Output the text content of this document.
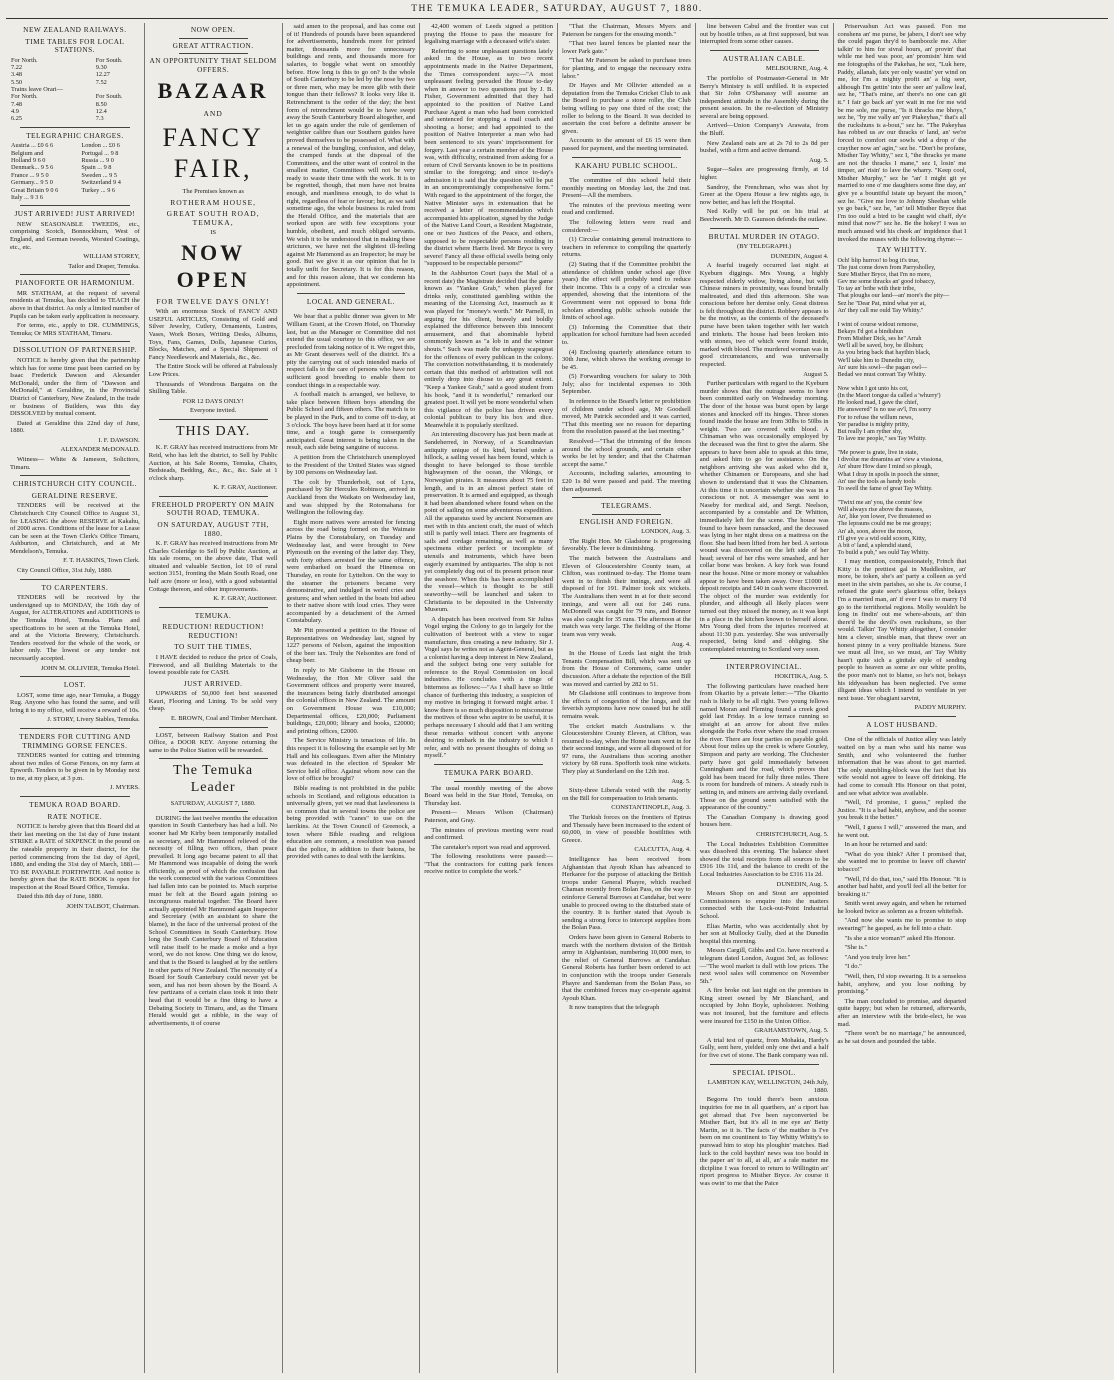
THE TEMUKA LEADER, SATURDAY, AUGUST 7, 1880.
NEW ZEALAND RAILWAYS.
TIME TABLES FOR LOCAL STATIONS.
For North.	For South.
7.22	9.30
3.48	12.27
5.50	7.52
Trains leave Orari—	
For North.	For South.
7.48	8.50
4.9	12.4
6.25	7.3
TELEGRAPHIC CHARGES.
Austria ... £0 6 6	London ... £0 6
Belgium and	Portugal ... 9 8
Holland 9 6 0	Russia ... 9 0
Denmark... 9 5 6	Spain ... 9 8
France ... 9 5 0	Sweden ... 9 5
Germany... 9 5 0	Switzerland 9 4
Great Britain 9 0 6	Turkey ... 9 6
Italy ... 9 3 6	
JUST ARRIVED! JUST ARRIVED!

NEW SEASONABLE TWEEDS, etc., comprising Scotch, Bonnockburn, West of England, and German tweeds, Worsted Coatings, etc., etc.

WILLIAM STOREY,

Tailor and Draper, Temuka.

PIANOFORTE OR HARMONIUM.

MR STATHAM, at the request of several residents at Temuka, has decided to TEACH the above in that district. As only a limited number of Pupils can be taken early application is necessary.

For terms, etc., apply to DR. CUMMINGS, Temuka; Or MRS STATHAM, Timaru.

DISSOLUTION OF PARTNERSHIP.

NOTICE is hereby given that the partnership which has for some time past been carried on by Isaac Frederick Dawson and Alexander McDonald, under the firm of "Dawson and McDonald," at Geraldine, in the Provincial District of Canterbury, New Zealand, in the trade or business of Builders, was this day DISSOLVED by mutual consent.

Dated at Geraldine this 22nd day of June, 1880.

I. F. DAWSON.

ALEXANDER McDONALD.

Witness— White & Jameson, Solicitors, Timaru.

CHRISTCHURCH CITY COUNCIL.
GERALDINE RESERVE.

TENDERS will be received at the Christchurch City Council Office to August 31, for LEASING the above RESERVE at Kakahu, of 2000 acres. Conditions of the lease for a Lease can be seen at the Town Clerk's Office Timaru, Ashburton, and Christchurch, and at Mr Mendelson's, Temuka.

F. T. HASKINS, Town Clerk.

City Council Office, 31st July, 1880.

TO CARPENTERS.

TENDERS will be received by the undersigned up to MONDAY, the 16th day of August, for ALTERATIONS and ADDITIONS to the Temuka Hotel, Temuka. Plans and specifications to be seen at the Temuka Hotel, and at the Victoria Brewery, Christchurch. Tenders received for the whole of the work, or labor only. The lowest or any tender not necessarily accepted.

JOHN M. OLLIVIER, Temuka Hotel.

LOST.

LOST, some time ago, near Temuka, a Buggy Rug. Anyone who has found the same, and will bring it to my office, will receive a reward of 10s.

J. STORY, Livery Stables, Temuka.

TENDERS FOR CUTTING AND TRIMMING GORSE FENCES.

TENDERS wanted for cutting and trimming about two miles of Gorse Fences, on my farm at Epworth. Tenders to be given in by Monday next to me, at my place, at 3 p.m.

J. MYERS.

TEMUKA ROAD BOARD.
RATE NOTICE.

NOTICE is hereby given that this Board did at their last meeting on the 1st day of June instant STRIKE a RATE of SIXPENCE in the pound on the rateable property in their district, for the period commencing from the 1st day of April, 1880, and ending the 31st day of March, 1881—TO BE PAYABLE FORTHWITH. And notice is hereby given that the RATE BOOK is open for inspection at the Road Board Office, Temuka.

Dated this 8th day of June, 1880.

JOHN TALBOT, Chairman.

NOW OPEN.
GREAT ATTRACTION.
AN OPPORTUNITY THAT SELDOM OFFERS.
BAZAAR
AND
FANCY FAIR,
The Premises known as
ROTHERAM HOUSE,
GREAT SOUTH ROAD, TEMUKA,
IS
NOW OPEN
FOR TWELVE DAYS ONLY!

With an enormous Stock of FANCY AND USEFUL ARTICLES, Consisting of Gold and Silver Jewelry, Cutlery, Ornaments, Lustres, Vases, Work Boxes, Writing Desks, Albums, Toys, Fans, Games, Dolls, Japanese Curios, Blocks, Matches, and a Special Shipment of Fancy Needlework and Materials, &c., &c.

The Entire Stock will be offered at Fabulously Low Prices.

Thousands of Wondrous Bargains on the Shilling Table.

FOR 12 DAYS ONLY!

Everyone invited.

THIS DAY.

K. F. GRAY has received instructions from Mr Reid, who has left the district, to Sell by Public Auction, at his Sale Rooms, Temuka, Chairs, Bedsteads, Bedding, &c., &c., &c. Sale at 1 o'clock sharp.

K. F. GRAY, Auctioneer.

FREEHOLD PROPERTY ON MAIN SOUTH ROAD, TEMUKA.
ON SATURDAY, AUGUST 7TH, 1880.

K. F. GRAY has received instructions from Mr Charles Coleridge to Sell by Public Auction, at his sale rooms, on the above date, That well situated and valuable Section, lot 10 of rural section 3151, fronting the Main South Road, one half acre (more or less), with a good substantial Cottage thereon, and other improvements.

K. F. GRAY, Auctioneer.

TEMUKA.
REDUCTION! REDUCTION! REDUCTION!
TO SUIT THE TIMES,

I HAVE decided to reduce the price of Coals, Firewood, and all Building Materials to the lowest possible rate for CASH.

JUST ARRIVED.

UPWARDS of 50,000 feet best seasoned Kauri, Flooring and Lining. To be sold very cheap.

E. BROWN, Coal and Timber Merchant.

LOST, between Railway Station and Post Office, a DOOR KEY. Anyone returning the same to the Police Station will be rewarded.

The Temuka Leader

SATURDAY, AUGUST 7, 1880.

DURING the last twelve months the education question in South Canterbury has had a lull. No sooner had Mr Kirby been temporarily installed as secretary, and Mr Hammond relieved of the necessity of filling two offices, than peace prevailed. It long ago became patent to all that Mr Hammond was incapable of doing the work efficiently, as proof of which the confusion that the work connected with the various Committees had fallen into can be pointed to. Much surprise must be felt at the Board again joining so incongruous material together. The Board have actually appointed Mr Hammond again Inspector and Secretary (with an assistant to share the blame), in the face of the universal protest of the School Committees in South Canterbury. How long the South Canterbury Board of Education will raise itself to be made a moke and a bye word, we do not know. One thing we do know, and that is the Board is laughed at by the settlers in other parts of New Zealand. The necessity of a Board for South Canterbury could never yet be seen, and has not been shown by the Board. A few partizans of a certain class took it into their head that it would be a fine thing to have a Debating Society in Timaru, and, as the Timaru Herald would get a nibble, in the way of advertisements, it of course

said amen to the proposal, and has come out of it! Hundreds of pounds have been squandered for advertisements, hundreds more for printed matter, thousands more for unnecessary buildings and rents, and thousands more for salaries, to boggle what went on smoothly before. How long is this to go on? Is the whole of South Canterbury to be led by the nose by two or three men, who may be more glib with their tongue than their fellows? It looks very like it. Retrenchment is the order of the day; the best form of retrenchment would be to have swept away the South Canterbury Board altogether, and let us go again under the rule of gentlemen of weightier calibre than our Southern guides have proved themselves to be possessed of. What with a renewal of the bungling, confusion, and delay, the cramped funds at the disposal of the Committees, and the utter want of control in the smallest matter, Committees will not be very ready to waste their time with the work. It is to be regretted, though, that men have not brains enough, and manliness enough, to do what is right, regardless of fear or favour; but, as we said sometime ago, the whole business is ruled from the Herald Office, and the materials that are worked upon are with few exceptions your humble, obedient, and much obliged servants. We wish it to be understood that in making these strictures, we have not the slightest ill-feeling against Mr Hammond as an Inspector; he may be good. But we give it as our opinion that he is totally unfit for Secretary. It is for this reason, and for this reason alone, that we condemn his appointment.

LOCAL AND GENERAL.

We hear that a public dinner was given to Mr William Grant, at the Crown Hotel, on Thursday last, but as the Manager or Committee did not extend the usual courtesy to this office, we are precluded from taking notice of it. We regret this, as Mr Grant deserves well of the district. It's a pity the carrying out of such intended marks of respect falls to the care of persons who have not sufficient good breeding to enable them to conduct things in a respectable way.

A football match is arranged, we believe, to take place between fifteen boys attending the Public School and fifteen others. The match is to be played in the Park, and to come off to-day, at 3 o'clock. The boys have been hard at it for some time, and a tough game is consequently anticipated. Great interest is being taken in the result, each side being sanguine of success.

A petition from the Christchurch unemployed to the President of the United States was signed by 100 persons on Wednesday last.

The colt by Thunderbolt, out of Lyra, purchased by Sir Hercules Robinson, arrived in Auckland from the Waikato on Wednesday last, and was shipped by the Rotomahana for Wellington the following day.

Eight more natives were arrested for fencing across the road being formed on the Waimate Plains by the Constabulary, on Tuesday and Wednesday last, and were brought to New Plymouth on the evening of the latter day. They, with forty others arrested for the same offence, were embarked on board the Hinemoa on Thursday, en route for Lyttelton. On the way to the steamer the prisoners became very demonstrative, and indulged in weird cries and gestures; and when settled in the boats bid adieu to their native shore with loud cries. They were accompanied by a detachment of the Armed Constabulary.

Mr Pitt presented a petition to the House of Representatives on Wednesday last, signed by 1227 persons of Nelson, against the imposition of the beer tax. Truly the Nelsonites are fond of cheap beer.

In reply to Mr Gisborne in the House on Wednesday, the Hon Mr Oliver said the Government offices and property were insured, the insurances being fairly distributed amongst the colonial offices in New Zealand. The amount on Government House was £10,000; Departmental offices, £20,000; Parliament buildings, £20,000; library and books, £20000; and printing offices, £2000.

The Service Ministry is tenacious of life. In this respect it is following the example set by Mr Hall and his colleagues. Even after the Ministry was defeated in the election of Speaker Mr Service held office. Against whom now can the love of office be brought?

Bible reading is not prohibited in the public schools in Scotland, and religious education is universally given, yet we read that lawlessness is so common that in several towns the police are being provided with "canes" to use on the larrikins. At the Town Council of Greenock, a town where Bible reading and religious education are common, a resolution was passed that the police, in addition to their batons, be provided with canes to deal with the larrikins.

42,400 women of Leeds signed a petition praying the House to pass the measure for legalising marriage with a deceased wife's sister.

Referring to some unpleasant questions lately asked in the House, as to two recent appointments made in the Native Department, the Times correspondent says:—"A most unpleasant feeling pervaded the House to-day when in answer to two questions put by J. B. Fisher, Government admitted that they had appointed to the position of Native Land Purchase Agent a man who had been convicted and sentenced for stopping a mail coach and shooting a horse; and had appointed to the position of Native Interpreter a man who had been sentenced to six years' imprisonment for forgery. Last year a certain member of the House was, with difficulty, restrained from asking for a return of Civil Servants known to be in positions similar to the foregoing; and since to-day's admission it is said that the question will be put in an uncompromisingly comprehensive form." With regard to the appointment of the forger, the Native Minister says in extenuation that he received a letter of recommendation which accompanied his application, signed by the Judge of the Native Land Court, a Resident Magistrate, one or two Justices of the Peace, and others, supposed to be respectable persons residing in the district where Harris lived. Mr Bryce is very severe! Fancy all these official swells being only "supposed to be respectable persons!"

In the Ashburton Court (says the Mail of a recent date) the Magistrate decided that the game known as "Yankee Grab," when played for drinks only, constituted gambling within the meaning of the Licensing Act, inasmuch as it was played for "money's worth." Mr Parnell, in arguing for his client, bravely and boldly explained the difference between this innocent amusement, and that abominable hybrid commonly known as "a lob in and the winner shouts." Such was made the unhappy scapegoat for the offences of every publican in the colony. The conviction notwithstanding, it is moderately certain that this method of arbitration will not entirely drop into disuse to any great extent. "Keep a Yankee Grab," said a good student from his book, "and it is wonderful," remarked our greatest poet. It will yet be more wonderful when this vigilance of the police has driven every colonial publican to bury his box and dice. Meanwhile it is popularly sterilized.

An interesting discovery has just been made at Sandeherred, in Norway, of a Scandinavian antiquity unique of its kind, buried under a hillock, a sailing vessel has been found, which is thought to have belonged to those terrible highwaymen of the ocean, the Vikings, or Norwegian pirates. It measures about 75 feet in length, and is in an almost perfect state of preservation. It is armed and equipped, as though it had been abandoned where found when on the point of sailing on some adventurous expedition. All the apparatus used by ancient Norsemen are met with in this ancient craft, the mast of which still is partly well intact. There are fragments of sails and cordage remaining, as well as many specimens either perfect or incomplete of utensils and instruments, which have been eagerly examined by antiquaries. The ship is not yet completely dug out of its present prison near the seashore. When this has been accomplished the vessel—which is thought to be still seaworthy—will be launched and taken to Christiania to be deposited in the University Museum.

A dispatch has been received from Sir Julius Vogel urging the Colony to go in largely for the cultivation of beetroot with a view to sugar manufacture, thus creating a new industry. Sir J. Vogel says he writes not as Agent-General, but as a colonist having a deep interest in New Zealand, and the subject being one very suitable for reference to the Royal Commission on local industries. He concludes with a tinge of bitterness as follows:—"As I shall have so little chance of furthering this industry, a suspicion of my motive in bringing it forward might arise. I know there is so much disposition to misconstrue the motives of those who aspire to be useful, it is perhaps necessary I should add that I am writing these remarks without concert with anyone desiring to embark in the industry to which I refer, and with no present thoughts of doing so myself."

TEMUKA PARK BOARD.

The usual monthly meeting of the above Board was held in the Star Hotel, Temuka, on Thursday last.

Present— Messrs Wilson (Chairman) Paterson, and Gray.

The minutes of previous meeting were read and confirmed.

The caretaker's report was read and approved.

The following resolutions were passed:— "That the contractors for cutting park fences receive notice to complete the work."

"That the Chairman, Messrs Myers and Paterson be rangers for the ensuing month."

"That two laurel fences be planted near the lower Park gate."

"That Mr Paterson be asked to purchase trees for planting, and to engage the necessary extra labor."

Dr Hayes and Mr Ollivier attended as a deputation from the Temuka Cricket Club to ask the Board to purchase a stone roller, the Club being willing to pay one third of the cost; the roller to belong to the Board. It was decided to ascertain the cost before a definite answer be given.

Accounts to the amount of £6 15 were then passed for payment, and the meeting terminated.

KAKAHU PUBLIC SCHOOL.

The committee of this school held their monthly meeting on Monday last, the 2nd inst. Present—All the members.

The minutes of the previous meeting were read and confirmed.

The following letters were read and considered:—

(1) Circular containing general instructions to teachers in reference to compiling the quarterly returns.

(2) Stating that if the Committee prohibit the attendance of children under school age (five years) the effect will probably tend to reduce their income. This is a copy of a circular was appended, showing that the intentions of the Government were not opposed to bona fide scholars attending public schools outside the limits of school age.

(3) Informing the Committee that their application for school furniture had been acceded to.

(4) Enclosing quarterly attendance return to 30th June, which shows the working average to be 45.

(5) Forwarding vouchers for salary to 30th July; also for incidental expenses to 30th September.

In reference to the Board's letter re prohibition of children under school age, Mr Goodsell moved, Mr Patrick seconded and it was carried, "That this meeting see no reason for departing from the resolution passed at the last meeting."

Resolved—"That the trimming of the fences around the school grounds, and certain other works be let by tender; and that the Chairman accept the same."

Accounts, including salaries, amounting to £20 1s 8d were passed and paid. The meeting then adjourned.

TELEGRAMS.
ENGLISH AND FOREIGN.

LONDON, Aug. 3.

The Right Hon. Mr Gladstone is progressing favorably. The fever is diminishing.

The match between the Australians and Eleven of Gloucestershire County team, at Clifton, was continued to-day. The Home team went in to finish their innings, and were all disposed of for 191. Palmer took six wickets. The Australians then went in at for their second innings, and were all out for 246 runs. McDonnell was caught for 79 runs, and Bonnor was also caught for 35 runs. The afternoon at the match was very large. The fielding of the Home team was very weak.

Aug. 4.

In the House of Lords last night the Irish Tenants Compensation Bill, which was sent up from the House of Commons, came under discussion. After a debate the rejection of the Bill was moved and carried by 282 to 51.

Mr Gladstone still continues to improve from the effects of congestion of the lungs, and the feverish symptoms have now ceased but he still remains weak.

The cricket match Australians v. the Gloucestershire County Eleven, at Clifton, was resumed to-day, when the Home team went in for their second innings, and were all disposed of for 97 runs, the Australians thus scoring another victory by 68 runs. Spofforth took nine wickets. They play at Sunderland on the 12th inst.

Aug. 5.

Sixty-three Liberals voted with the majority on the Bill for compensation to Irish tenants.

CONSTANTINOPLE, Aug. 3.

The Turkish forces on the frontiers of Epirus and Thessaly have been increased to the extent of 60,000, in view of possible hostilities with Greece.

CALCUTTA, Aug. 4.

Intelligence has been received from Afghanistan that Ayoub Khan has advanced to Herkaree for the purpose of attacking the British troops under General Phayre, which reached Chaman recently from Bolan Pass, on the way to reinforce General Burrows at Candahar, but were unable to proceed owing to the disturbed state of the country. It is further stated that Ayoub is sending a strong force to intercept supplies from the Bolan Pass.

Orders have been given to General Roberts to march with the northern division of the British army in Afghanistan, numbering 10,000 men, to the relief of General Burrows at Candahar. General Roberts has further been ordered to act in conjunction with the troops under Generals Phayre and Sandeman from the Bolan Pass, so that the combined forces may co-operate against Ayoub Khan.

It now transpires that the telegraph

line between Cabul and the frontier was cut out by hostile tribes, as at first supposed, but was interrupted from some other causes.

AUSTRALIAN CABLE.

MELBOURNE, Aug. 4.

The portfolio of Postmaster-General in Mr Berry's Ministry is still unfilled. It is expected that Sir John O'Shanassy will assume an independent attitude in the Assembly during the present session. In the re-election of Ministry several are being opposed.

Arrived—Union Company's Arawata, from the Bluff.

New Zealand oats are at 2s 7d to 2s 8d per bushel, with a firm and active demand.

Aug. 5.

Sugar—Sales are progressing firmly, at 1d higher.

Sandroy, the Frenchman, who was shot by Greer at the Opera House a few nights ago, is now better, and has left the Hospital.

Ned Kelly will be put on his trial at Beechworth. Mr D. Gaunson defends the outlaw.

BRUTAL MURDER IN OTAGO.

(BY TELEGRAPH.)

DUNEDIN, August 4.

A fearful tragedy occurred last night at Kyeburn diggings. Mrs Young, a highly respected elderly widow, living alone, but with Chinese miners in proximity, was found brutally maltreated, and died this afternoon. She was conscious before her demise only. Great distress is felt throughout the district. Robbery appears to be the motive, as the contents of the deceased's purse have been taken together with her watch and trinkets. The house had been broken into with stones, two of which were found inside, marked with blood. The murdered woman was in good circumstances, and was universally respected.

August 5.

Further particulars with regard to the Kyeburn murder shows that the outrage seems to have been committed early on Wednesday morning. The door of the house was burst open by large stones and knocked off its hinges. Three stones found inside the house are from 30lbs to 50lbs in weight. Two are covered with blood. A Chinaman who was occasionally employed by the deceased was the first to give the alarm. She appears to have been able to speak at this time, and asked him to go for assistance. On the neighbors arriving she was asked who did it, whether Chinamen or Europeans, and she had shown to understand that it was the Chinamen. At this time it is uncertain whether she was in a conscious or not. A messenger was sent to Naseby for medical aid, and Sergt. Neelson, accompanied by a constable and Dr Whitton, immediately left for the scene. The house was found to have been ransacked, and the deceased was lying in her night dress on a mattress on the floor. She had been lifted from her bed. A serious wound was discovered on the left side of her head; several of her ribs were smashed, and her collar bone was broken. A key fork was found near the house. Nine or more money or valuables appear to have been taken away. Over £1000 in deposit receipts and £40 in cash were discovered. The object of the murder was evidently for plunder, and although all likely places were turned out they missed the money, as it was kept in a place in the kitchen known to herself alone. Mrs Young died from the injuries received at about 11:30 p.m. yesterday. She was universally respected, being kind and obliging. She contemplated returning to Scotland very soon.

INTERPROVINCIAL.

HOKITIKA, Aug. 5.

The following particulars have reached here from Okarito by a private letter:—"The Okarito rush is likely to be all right. Two young fellows named Moran and Fleming found a creek good gold last Friday. In a low terrace running so straight at an arrow for about five miles alongside the Forks river where the road crosses the river. There are four parties on payable gold. About four miles up the creek is where Gourley, Simpson and party are working. The Chichester party have got gold immediately between Cunningham and the road, which proves that gold has been traced for fully three miles. There is room for hundreds of miners. A steady rush is setting in, and miners are arriving daily overland. Those on the ground seem satisfied with the appearance of the country."

The Canadian Company is drawing good houses here.

CHRISTCHURCH, Aug. 5.

The Local Industries Exhibition Committee was dissolved this evening. The balance sheet showed the total receipts from all sources to be £916 10s 11d, and the balance to credit of the Local Industries Association to be £316 11s 2d.

DUNEDIN, Aug. 5.

Messrs Shop on and Stout are appointed Commissioners to enquire into the matters connected with the Lock-out-Point Industrial School.

Elias Martin, who was accidentally shot by her son at Mullocky Gully, died at the Dunedin hospital this morning.

Messrs Cargill, Gibbs and Co. have received a telegram dated London, August 3rd, as follows:—"The wool market is dull with low prices. The next wool sales will commence on November 5th."

A fire broke out last night on the premises in King street owned by Mr Blanchard, and occupied by John Boyle, upholsterer. Nothing was not insured, but the furniture and effects were insured for £150 in the Union Office.

GRAHAMSTOWN, Aug. 5.

A trial test of quartz, from Mohakia, Hardy's Gully, sent here, yielded only one dwt and a half for five cwt of stone. The Bank company was nil.

SPECIAL IPISOL.

LAMBTON KAY, WELLINGTON, 24th July, 1880.

Begorra I'm tould there's been anxious inquiries for me in all quarthers, an' a riport has got abroad that I've been rayconverted be Misther Bart, but it's all in me eye an' Betty Martin, so it is. The facts o' the matther is I've been on me countinent to Tay Whitty Whitty's to purswad him to stop his ploughin' matches. Bad luck to the cold baythin' news was too bould in the paper an' to all, at all, an' a rale matter me dicipline I was forced to return to Willingtin an' riport progress to Misther Bryce. Av course it was owin' to me that the Paice

Priservashun Act was passed. Fon me conshens an' me purse, be jabers, I don't see why the could pagan thry'd to bamboozle me. After talkin' to him for sivral hours, an' provin' that while me hed was poor, an' promisin' him wid me fotographs of the Pakehas, he sez, "Luk here, Paddy, allanah, faix yer only wastin' yer wind on me, for I'm a mighty profit an' a big seer, although I'm gettin' into the seer an' yallow leaf, sez he, "That's mine, an' there's no one can git it." I fair go back an' yer wait in me for me wid be me sole, me purse, "Is it thracks me bhoys," sez he, "by me vally an' yer Piakeyhas," that's all the ruckshuns is a-bout," sez he. "The Pakeyhas has robbed us av our thracks o' land, an' we're forced to comfort our sowls wid a drop o' the crayther now an' agin," sez he. "Don't be profane, Misther Tay Whitty," sez I, "the thracks ye mane are not the thracks I mane," sez I, losin' me timper, an' risin' to lave the wharry. "Keep cool, Misther Murphy," sez he "an' I might git ye married to one o' me daughters some fine day, an' give ye a bountiful istate up beyant the moon," sez he. "Give me love to Johnny Sheehan while ye go back," sez he, "an' tell Misther Bryce that I'm too ould a bird to be caught wid chaff, dy'e mind that now?" sez he. Be the hokey! I was so much amused wid his cheek an' impidence that I invoked the muses with the following rhyme:—

TAY WHITTY.

Och! blip hurroo! to bog it's true,
The just come down from Parrysholley,
Sure Misther Bryce, that I'm no more,
Gev me some thracks an' good tobaccy,
To tay an' bribe with their tribe,
That ploughs our land—an' more's the pity—
Sez he "Dear Pat, mind what yer at,
An' they call me ould Tay Whitty."

I wint of course widout remorse,
Bekays I'd got a bindishun
From Misther Dick, ses he" Arrah
We'll all be saved, boy, be illishun;
As you bring back that haythin black,
We'll take him to Dunedin city,
An' sure his sowl—the pagan owl—
Bedad we must convart Tay Whitty.

Now whin I got unto his cot,
(In the Maori tongue da called a 'whurry')
He looked mad, I gave the chief,
He answered" Is no use av'l, I'm sorry
For to refuse the willum news,
Yer paradise is mighty pritty,
But really I am ryther shy,
To lave me people," ses Tay Whitty.

"Me power is grate, live in state,
I divolue me dreamins an' view a vissiona,
An' shure How dare I mind so plough,
What I dray in spoils in pooch the sinner,
An' use the tools as handy tools
To swell the fame of great Tay Whitty.

"Twixt me an' you, the comin' few
Will always rise above the masses,
An', like yon lower, I've threatened so
The leprauns could me be me groupy;
An' ah, soon, above the moon,
I'll give ye a wid ould scoom, Kitty,
A bit o' land, a splendid stand,
To build a pub," ses ould Tay Whitty.

I may mention, compassionately, Frinch that Kitty is the prettiest gal in Muddleshire, an' more, be token, she's an' party a colleen as ye'd meet in the sivin parishes, so she is. Av course, I refused the grate seer's glaurious offer, bekays I'm a married man, an' if ever I was to marry I'd go to the territhorial regions. Molly wouldn't be long in findin' out me where-abouts, an' thin there'd be the devil's own ruckshuns, so ther would. Talkin' Tay Whitty altogether, I consider him a clever, sinsible man, that threw over an honest pinny in a very profitable bizness. Sure we must all live, so we must, an' Tay Whitty hasn't quite sich a ginitale style of sending people to heaven as some av our white profits, the poor man's not to blame, so he's not, bekays his iddyeashun has been neglected. I've some illigant ideas which I intend to ventilate in yer next issue. Yer obagiant sarvint,

PADDY MURPHY.

A LOST HUSBAND.

One of the officials of Justice alley was lately waited on by a man who said his name was Smith, and who volunteered the further information that he was about to get married. The only stumbling-block was the fact that his wife would not agree to leave off drinking. He had come to consult His Honour on that point, and see what advice was available.

"Well, I'd promise, I guess," replied the Justice. "It is a bad habit, anyhow, and the sooner you break it the better."

"Well, I guess I will," answered the man, and he went out.

In an hour he returned and said:

"What do you think? After I promised that, she wanted me to promise to leave off chawin' tobacco!"

"Well, I'd do that, too," said His Honour. "It is another bad habit, and you'll feel all the better for breaking it."

Smith went away again, and when he returned he looked twice as solemn as a frozen whitefish.

"And now she wants me to promise to stop swearing!" he gasped, as he fell into a chair.

"Is she a nice woman?" asked His Honour.

"She is."

"And you truly love her."

"I do."

"Well, then, I'd stop swearing. It is a senseless habit, anyhow, and you lose nothing by promising."

The man concluded to promise, and departed quite happy; but when he returned, afterwards, after an interview with the bride-elect, he was mad.

"There won't be no marriage," he announced, as he sat down and pounded the table.
